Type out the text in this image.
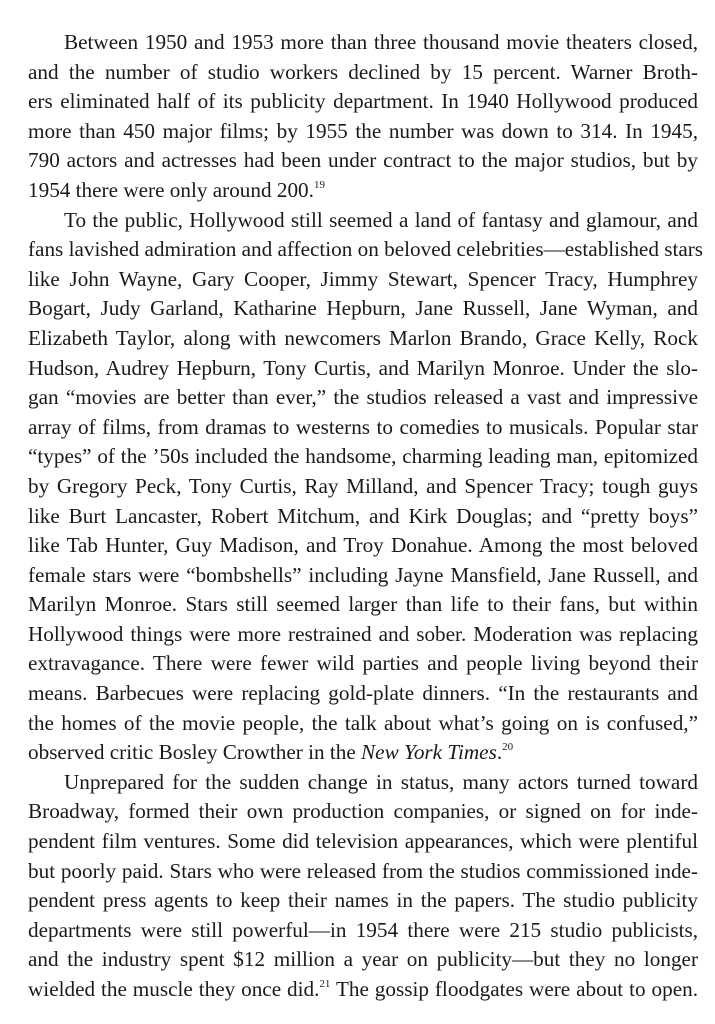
Between 1950 and 1953 more than three thousand movie theaters closed,
and the number of studio workers declined by 15 percent. Warner Broth-
ers eliminated half of its publicity department. In 1940 Hollywood produced
more than 450 major films; by 1955 the number was down to 314. In 1945,
790 actors and actresses had been under contract to the major studios, but by
1954 there were only around 200.19
To the public, Hollywood still seemed a land of fantasy and glamour, and
fans lavished admiration and affection on beloved celebrities—established stars
like John Wayne, Gary Cooper, Jimmy Stewart, Spencer Tracy, Humphrey
Bogart, Judy Garland, Katharine Hepburn, Jane Russell, Jane Wyman, and
Elizabeth Taylor, along with newcomers Marlon Brando, Grace Kelly, Rock
Hudson, Audrey Hepburn, Tony Curtis, and Marilyn Monroe. Under the slo-
gan “movies are better than ever,” the studios released a vast and impressive
array of films, from dramas to westerns to comedies to musicals. Popular star
“types” of the ’50s included the handsome, charming leading man, epitomized
by Gregory Peck, Tony Curtis, Ray Milland, and Spencer Tracy; tough guys
like Burt Lancaster, Robert Mitchum, and Kirk Douglas; and “pretty boys”
like Tab Hunter, Guy Madison, and Troy Donahue. Among the most beloved
female stars were “bombshells” including Jayne Mansfield, Jane Russell, and
Marilyn Monroe. Stars still seemed larger than life to their fans, but within
Hollywood things were more restrained and sober. Moderation was replacing
extravagance. There were fewer wild parties and people living beyond their
means. Barbecues were replacing gold-plate dinners. “In the restaurants and
the homes of the movie people, the talk about what’s going on is confused,”
observed critic Bosley Crowther in the New York Times.$^{20}$
Unprepared for the sudden change in status, many actors turned toward
Broadway, formed their own production companies, or signed on for inde-
pendent film ventures. Some did television appearances, which were plentiful
but poorly paid. Stars who were released from the studios commissioned inde-
pendent press agents to keep their names in the papers. The studio publicity
departments were still powerful—in 1954 there were 215 studio publicists,
and the industry spent $12 million a year on publicity—but they no longer
wielded the muscle they once did.$^{21}$ The gossip floodgates were about to open.
